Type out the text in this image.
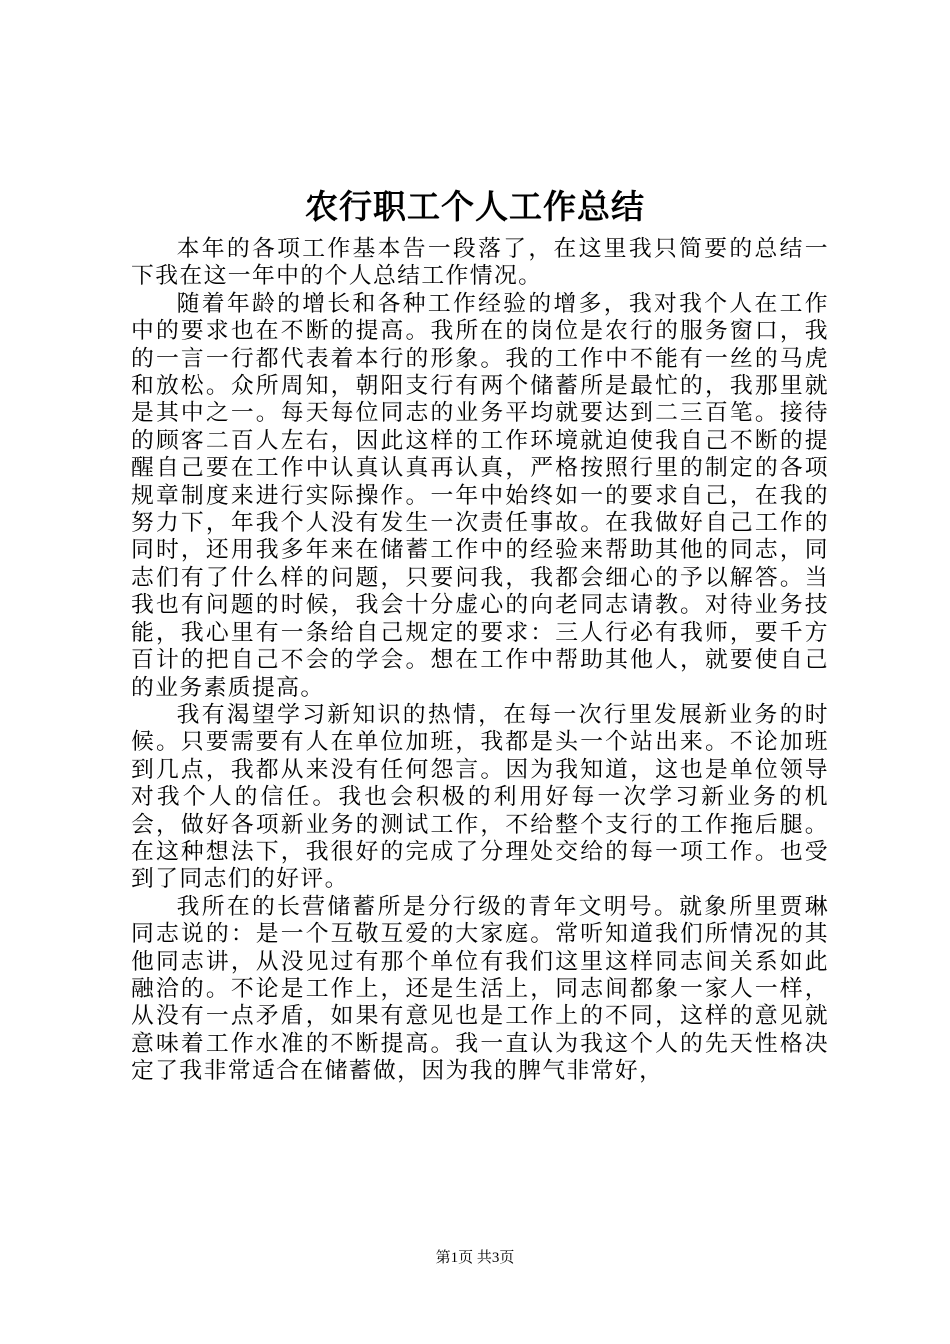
农行职工个人工作总结

本年的各项工作基本告一段落了，在这里我只简要的总结一下我在这一年中的个人总结工作情况。

随着年龄的增长和各种工作经验的增多，我对我个人在工作中的要求也在不断的提高。我所在的岗位是农行的服务窗口，我的一言一行都代表着本行的形象。我的工作中不能有一丝的马虎和放松。众所周知，朝阳支行有两个储蓄所是最忙的，我那里就是其中之一。每天每位同志的业务平均就要达到二三百笔。接待的顾客二百人左右，因此这样的工作环境就迫使我自己不断的提醒自己要在工作中认真认真再认真，严格按照行里的制定的各项规章制度来进行实际操作。一年中始终如一的要求自己，在我的努力下，年我个人没有发生一次责任事故。在我做好自己工作的同时，还用我多年来在储蓄工作中的经验来帮助其他的同志，同志们有了什么样的问题，只要问我，我都会细心的予以解答。当我也有问题的时候，我会十分虚心的向老同志请教。对待业务技能，我心里有一条给自己规定的要求：三人行必有我师，要千方百计的把自己不会的学会。想在工作中帮助其他人，就要使自己的业务素质提高。

我有渴望学习新知识的热情，在每一次行里发展新业务的时候。只要需要有人在单位加班，我都是头一个站出来。不论加班到几点，我都从来没有任何怨言。因为我知道，这也是单位领导对我个人的信任。我也会积极的利用好每一次学习新业务的机会，做好各项新业务的测试工作，不给整个支行的工作拖后腿。在这种想法下，我很好的完成了分理处交给的每一项工作。也受到了同志们的好评。

我所在的长营储蓄所是分行级的青年文明号。就象所里贾琳同志说的：是一个互敬互爱的大家庭。常听知道我们所情况的其他同志讲，从没见过有那个单位有我们这里这样同志间关系如此融洽的。不论是工作上，还是生活上，同志间都象一家人一样，从没有一点矛盾，如果有意见也是工作上的不同，这样的意见就意味着工作水准的不断提高。我一直认为我这个人的先天性格决定了我非常适合在储蓄做，因为我的脾气非常好，

第1页 共3页
